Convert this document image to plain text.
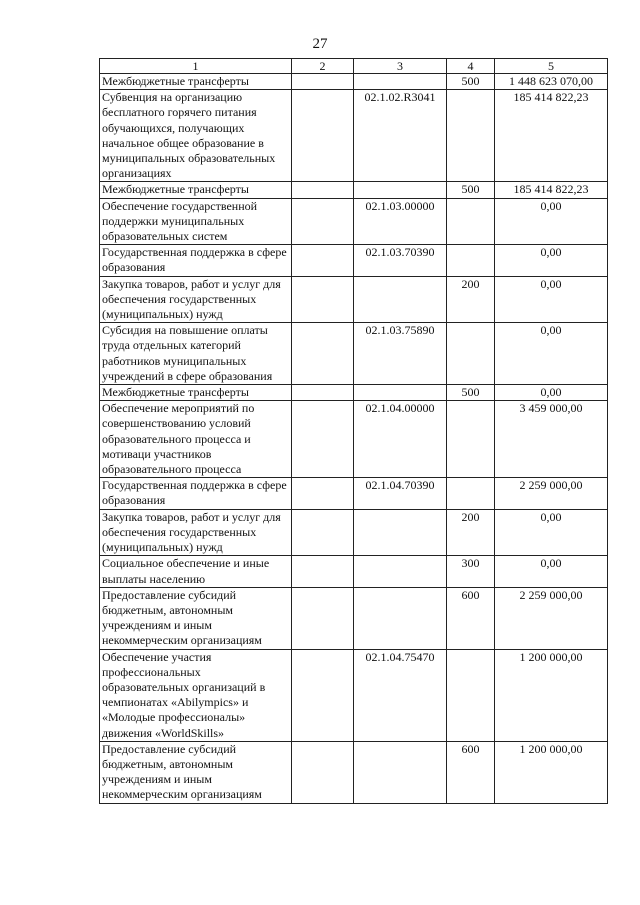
27
1	2	3	4	5
Межбюджетные трансферты			500	1 448 623 070,00
Субвенция на организацию бесплатного горячего питания обучающихся, получающих начальное общее образование в муниципальных образовательных организациях		02.1.02.R3041		185 414 822,23
Межбюджетные трансферты			500	185 414 822,23
Обеспечение государственной поддержки муниципальных образовательных систем		02.1.03.00000		0,00
Государственная поддержка в сфере образования		02.1.03.70390		0,00
Закупка товаров, работ и услуг для обеспечения государственных (муниципальных) нужд			200	0,00
Субсидия на повышение оплаты труда отдельных категорий работников муниципальных учреждений в сфере образования		02.1.03.75890		0,00
Межбюджетные трансферты			500	0,00
Обеспечение мероприятий по совершенствованию условий образовательного процесса и мотиваци участников образовательного процесса		02.1.04.00000		3 459 000,00
Государственная поддержка в сфере образования		02.1.04.70390		2 259 000,00
Закупка товаров, работ и услуг для обеспечения государственных (муниципальных) нужд			200	0,00
Социальное обеспечение и иные выплаты населению			300	0,00
Предоставление субсидий бюджетным, автономным учреждениям и иным некоммерческим организациям			600	2 259 000,00
Обеспечение участия профессиональных образовательных организаций в чемпионатах «Abilympics» и «Молодые профессионалы» движения «WorldSkills»		02.1.04.75470		1 200 000,00
Предоставление субсидий бюджетным, автономным учреждениям и иным некоммерческим организациям			600	1 200 000,00
